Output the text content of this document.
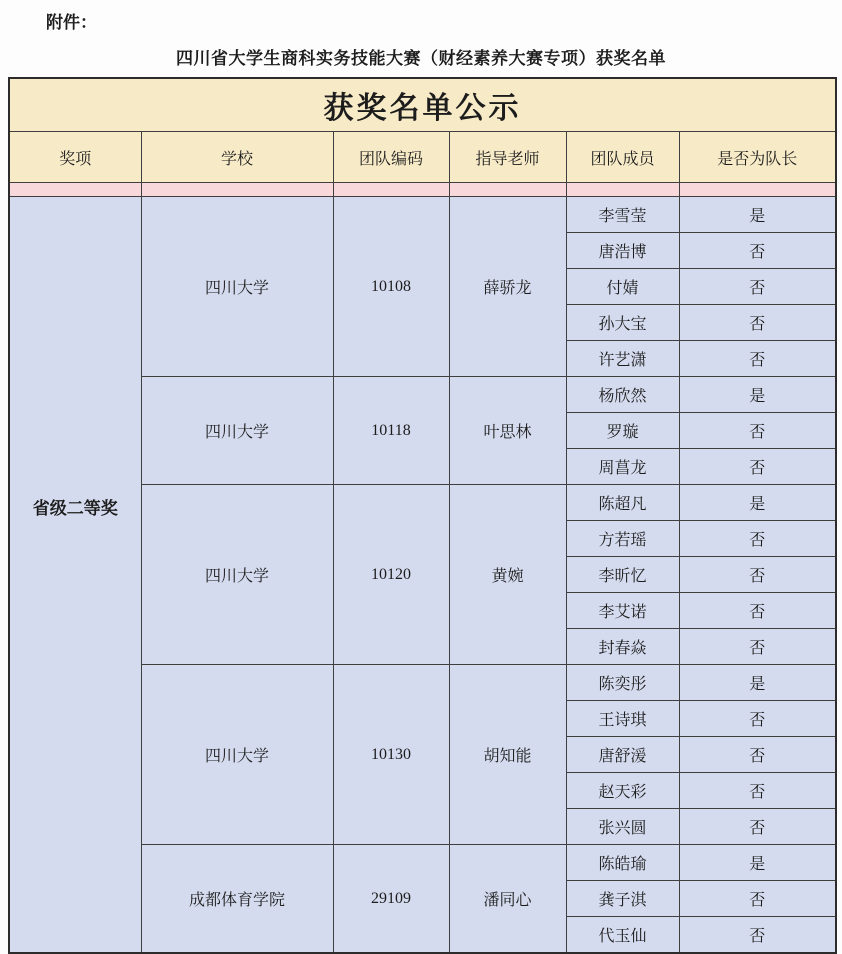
附件：
四川省大学生商科实务技能大赛（财经素养大赛专项）获奖名单
获奖名单公示					
奖项	学校	团队编码	指导老师	团队成员	是否为队长

省级二等奖	四川大学	10108	薛骄龙	李雪莹	是
				唐浩博	否
				付婧	否
				孙大宝	否
				许艺潇	否
	四川大学	10118	叶思林	杨欣然	是
				罗璇	否
				周菖龙	否
	四川大学	10120	黄婉	陈超凡	是
				方若瑶	否
				李昕忆	否
				李艾诺	否
				封春焱	否
	四川大学	10130	胡知能	陈奕彤	是
				王诗琪	否
				唐舒湲	否
				赵天彩	否
				张兴圆	否
	成都体育学院	29109	潘同心	陈皓瑜	是
				龚子淇	否
				代玉仙	否
